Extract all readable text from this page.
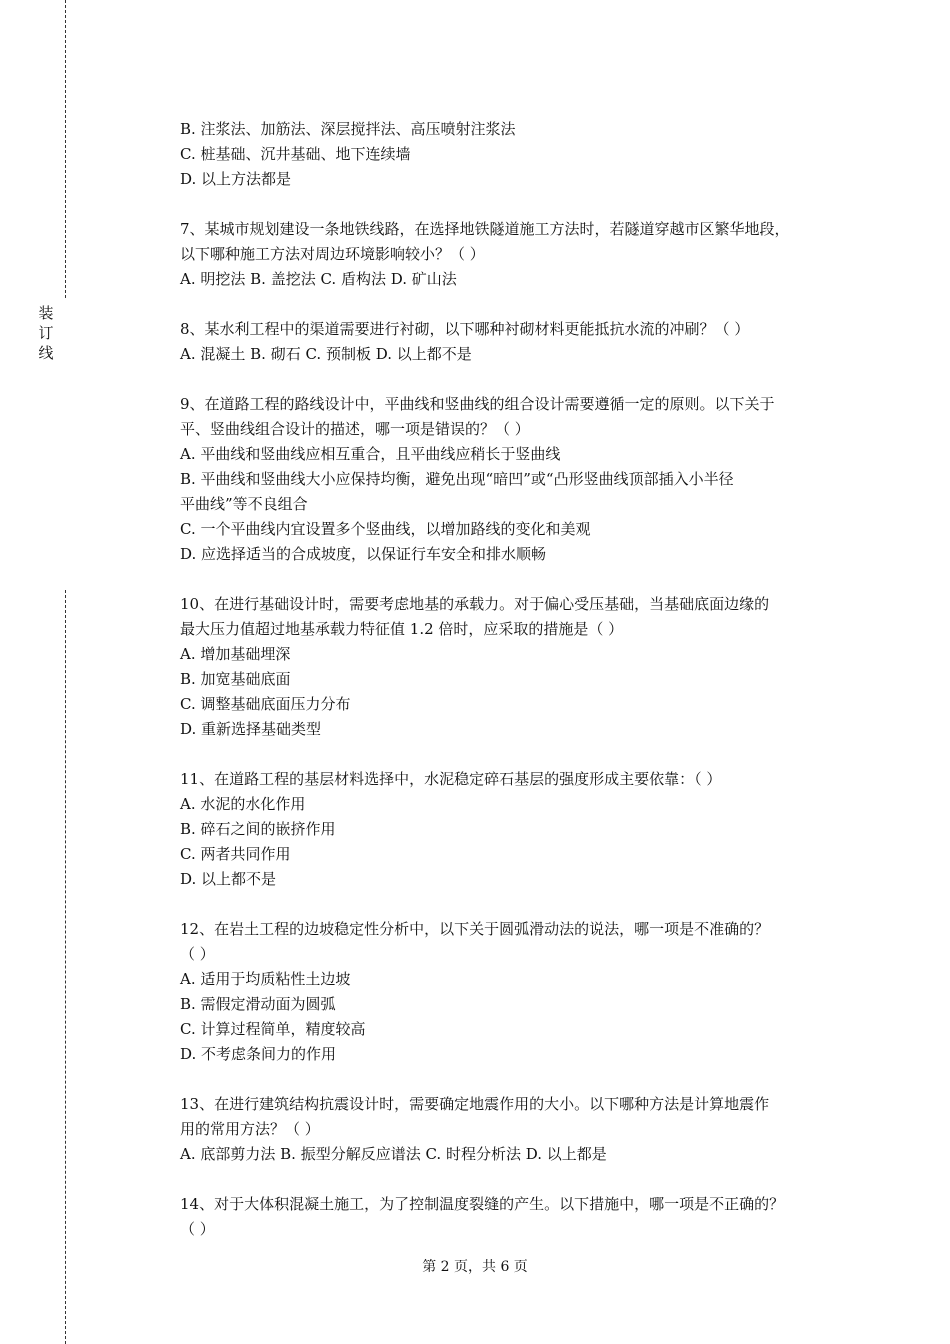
装
订
线
B. 注浆法、加筋法、深层搅拌法、高压喷射注浆法
C. 桩基础、沉井基础、地下连续墙
D. 以上方法都是
7、某城市规划建设一条地铁线路，在选择地铁隧道施工方法时，若隧道穿越市区繁华地段，
以下哪种施工方法对周边环境影响较小？（ ）
A. 明挖法 B. 盖挖法 C. 盾构法 D. 矿山法
8、某水利工程中的渠道需要进行衬砌，以下哪种衬砌材料更能抵抗水流的冲刷？（ ）
A. 混凝土 B. 砌石 C. 预制板 D. 以上都不是
9、在道路工程的路线设计中，平曲线和竖曲线的组合设计需要遵循一定的原则。以下关于
平、竖曲线组合设计的描述，哪一项是错误的？（ ）
A. 平曲线和竖曲线应相互重合，且平曲线应稍长于竖曲线
B. 平曲线和竖曲线大小应保持均衡，避免出现“暗凹”或“凸形竖曲线顶部插入小半径
平曲线”等不良组合
C. 一个平曲线内宜设置多个竖曲线，以增加路线的变化和美观
D. 应选择适当的合成坡度，以保证行车安全和排水顺畅
10、在进行基础设计时，需要考虑地基的承载力。对于偏心受压基础，当基础底面边缘的
最大压力值超过地基承载力特征值 1.2 倍时，应采取的措施是（ ）
A. 增加基础埋深
B. 加宽基础底面
C. 调整基础底面压力分布
D. 重新选择基础类型
11、在道路工程的基层材料选择中，水泥稳定碎石基层的强度形成主要依靠：（ ）
A. 水泥的水化作用
B. 碎石之间的嵌挤作用
C. 两者共同作用
D. 以上都不是
12、在岩土工程的边坡稳定性分析中，以下关于圆弧滑动法的说法，哪一项是不准确的？
（ ）
A. 适用于均质粘性土边坡
B. 需假定滑动面为圆弧
C. 计算过程简单，精度较高
D. 不考虑条间力的作用
13、在进行建筑结构抗震设计时，需要确定地震作用的大小。以下哪种方法是计算地震作
用的常用方法？（ ）
A. 底部剪力法 B. 振型分解反应谱法 C. 时程分析法 D. 以上都是
14、对于大体积混凝土施工，为了控制温度裂缝的产生。以下措施中，哪一项是不正确的？
（ ）
第 2 页，共 6 页
